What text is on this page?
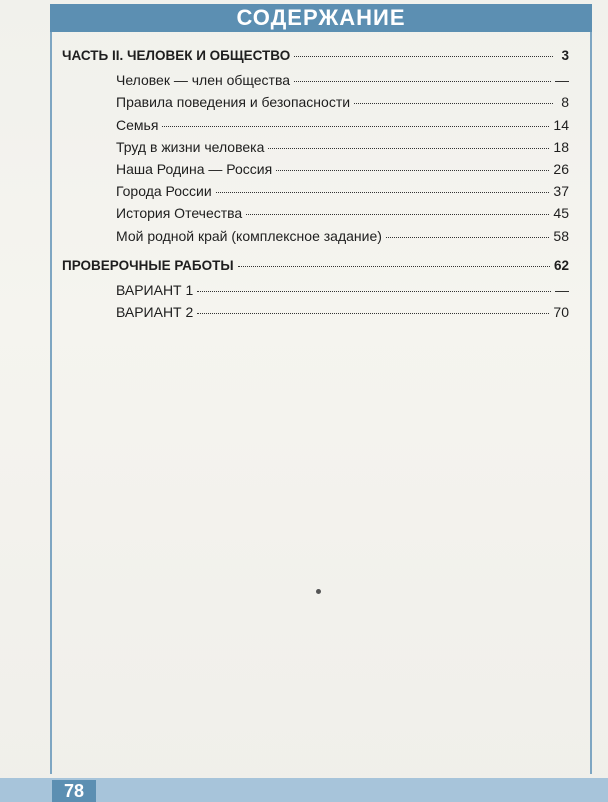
СОДЕРЖАНИЕ
ЧАСТЬ II. ЧЕЛОВЕК И ОБЩЕСТВО	3
Человек — член общества	—
Правила поведения и безопасности	8
Семья	14
Труд в жизни человека	18
Наша Родина — Россия	26
Города России	37
История Отечества	45
Мой родной край (комплексное задание)	58
ПРОВЕРОЧНЫЕ РАБОТЫ	62
ВАРИАНТ 1	—
ВАРИАНТ 2	70
78
